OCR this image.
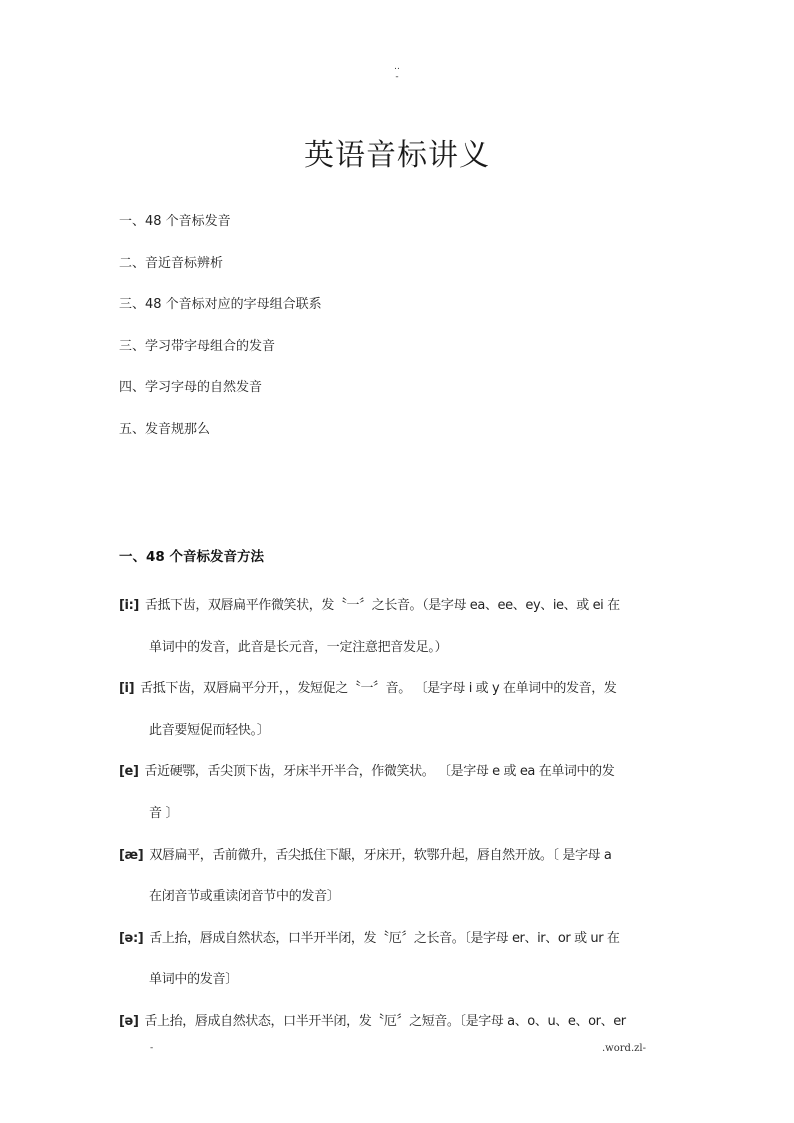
..
-
英语音标讲义
一、48 个音标发音
二、音近音标辨析
三、48 个音标对应的字母组合联系
三、学习带字母组合的发音
四、学习字母的自然发音
五、发音规那么
一、48 个音标发音方法
[i:] 舌抵下齿，双唇扁平作微笑状，发〝一〞之长音。（是字母 ea、ee、ey、ie、或 ei 在
单词中的发音，此音是长元音，一定注意把音发足。）
[i] 舌抵下齿，双唇扁平分开，，发短促之〝一〞音。 〔是字母 i 或 y 在单词中的发音，发
此音要短促而轻快。〕
[e] 舌近硬鄂，舌尖顶下齿，牙床半开半合，作微笑状。 〔是字母 e 或 ea 在单词中的发
音 〕
[æ] 双唇扁平，舌前微升，舌尖抵住下龈，牙床开，软鄂升起，唇自然开放。〔 是字母 a
在闭音节或重读闭音节中的发音〕
[ə:] 舌上抬，唇成自然状态，口半开半闭，发〝厄〞之长音。〔是字母 er、ir、or 或 ur 在
单词中的发音〕
[ə] 舌上抬，唇成自然状态，口半开半闭，发〝厄〞之短音。〔是字母 a、o、u、e、or、er
-	.word.zl-
